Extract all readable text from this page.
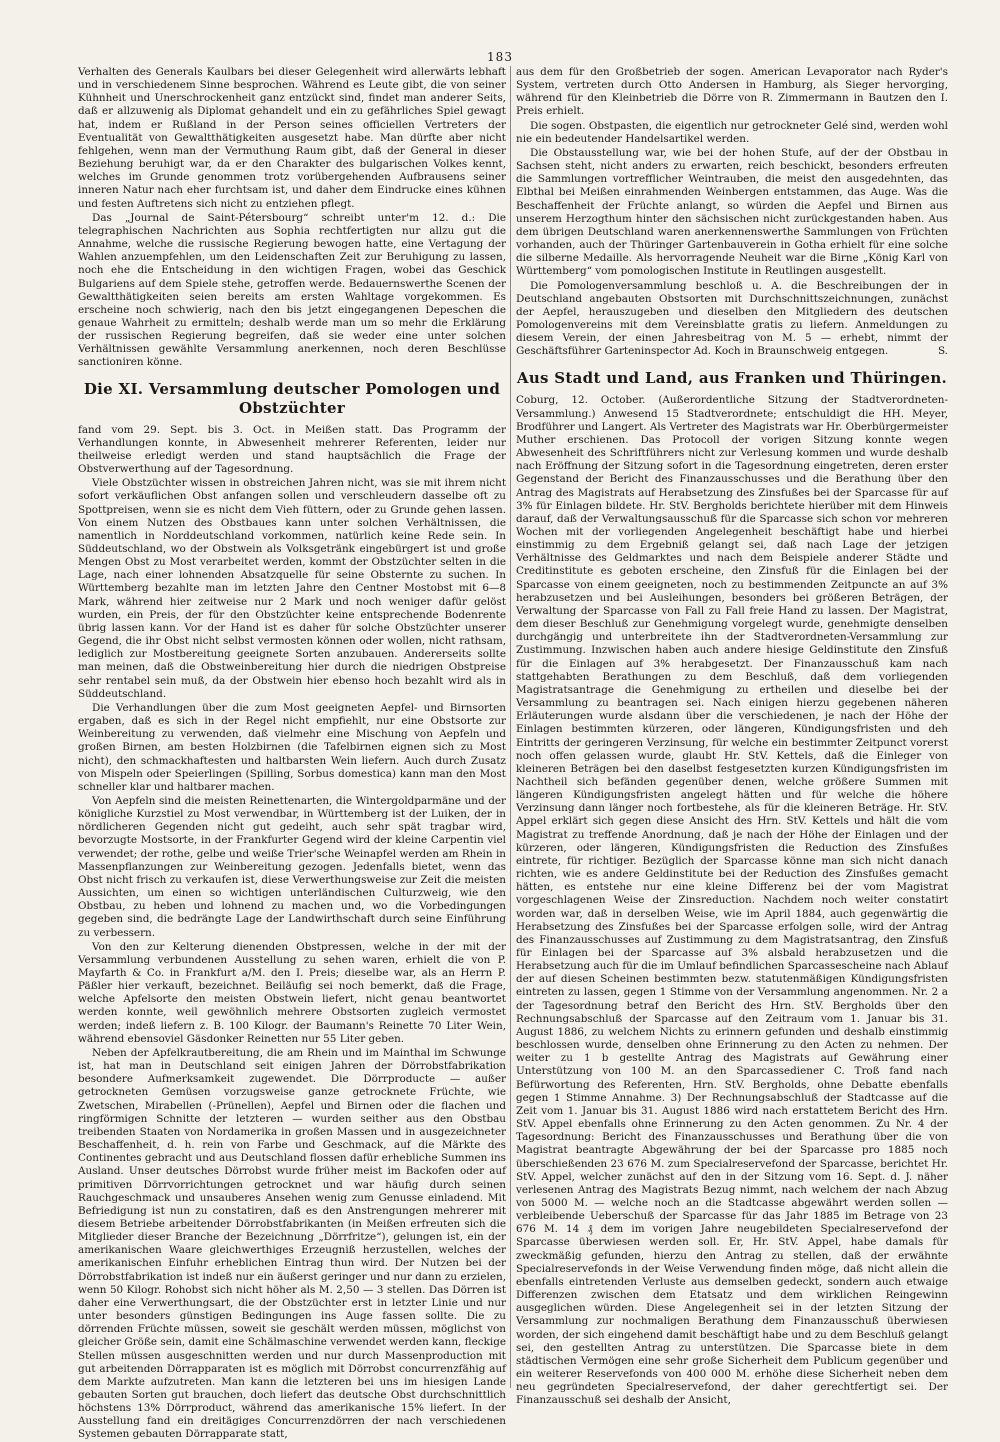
183

Verhalten des Generals Kaulbars bei dieser Gelegenheit wird allerwärts lebhaft und in verschiedenem Sinne besprochen. Während es Leute gibt, die von seiner Kühnheit und Unerschrockenheit ganz entzückt sind, findet man anderer Seits, daß er allzuwenig als Diplomat gehandelt und ein zu gefährliches Spiel gewagt hat, indem er Rußland in der Person seines officiellen Vertreters der Eventualität von Gewaltthätigkeiten ausgesetzt habe. Man dürfte aber nicht fehlgehen, wenn man der Vermuthung Raum gibt, daß der General in dieser Beziehung beruhigt war, da er den Charakter des bulgarischen Volkes kennt, welches im Grunde genommen trotz vorübergehenden Aufbrausens seiner inneren Natur nach eher furchtsam ist, und daher dem Eindrucke eines kühnen und festen Auftretens sich nicht zu entziehen pflegt.

Das „Journal de Saint-Pétersbourg“ schreibt unter'm 12. d.: Die telegraphischen Nachrichten aus Sophia rechtfertigten nur allzu gut die Annahme, welche die russische Regierung bewogen hatte, eine Vertagung der Wahlen anzuempfehlen, um den Leidenschaften Zeit zur Beruhigung zu lassen, noch ehe die Entscheidung in den wichtigen Fragen, wobei das Geschick Bulgariens auf dem Spiele stehe, getroffen werde. Bedauernswerthe Scenen der Gewaltthätigkeiten seien bereits am ersten Wahltage vorgekommen. Es erscheine noch schwierig, nach den bis jetzt eingegangenen Depeschen die genaue Wahrheit zu ermitteln; deshalb werde man um so mehr die Erklärung der russischen Regierung begreifen, daß sie weder eine unter solchen Verhältnissen gewählte Versammlung anerkennen, noch deren Beschlüsse sanctioniren könne.

Die XI. Versammlung deutscher Pomologen und Obstzüchter

fand vom 29. Sept. bis 3. Oct. in Meißen statt. Das Programm der Verhandlungen konnte, in Abwesenheit mehrerer Referenten, leider nur theilweise erledigt werden und stand hauptsächlich die Frage der Obstverwerthung auf der Tagesordnung.

Viele Obstzüchter wissen in obstreichen Jahren nicht, was sie mit ihrem nicht sofort verkäuflichen Obst anfangen sollen und verschleudern dasselbe oft zu Spottpreisen, wenn sie es nicht dem Vieh füttern, oder zu Grunde gehen lassen. Von einem Nutzen des Obstbaues kann unter solchen Verhältnissen, die namentlich in Norddeutschland vorkommen, natürlich keine Rede sein. In Süddeutschland, wo der Obstwein als Volksgetränk eingebürgert ist und große Mengen Obst zu Most verarbeitet werden, kommt der Obstzüchter selten in die Lage, nach einer lohnenden Absatzquelle für seine Obsternte zu suchen. In Württemberg bezahlte man im letzten Jahre den Centner Mostobst mit 6—8 Mark, während hier zeitweise nur 2 Mark und noch weniger dafür gelöst wurden, ein Preis, der für den Obstzüchter keine entsprechende Bodenrente übrig lassen kann. Vor der Hand ist es daher für solche Obstzüchter unserer Gegend, die ihr Obst nicht selbst vermosten können oder wollen, nicht rathsam, lediglich zur Mostbereitung geeignete Sorten anzubauen. Andererseits sollte man meinen, daß die Obstweinbereitung hier durch die niedrigen Obstpreise sehr rentabel sein muß, da der Obstwein hier ebenso hoch bezahlt wird als in Süddeutschland.

Die Verhandlungen über die zum Most geeigneten Aepfel- und Birnsorten ergaben, daß es sich in der Regel nicht empfiehlt, nur eine Obstsorte zur Weinbereitung zu verwenden, daß vielmehr eine Mischung von Aepfeln und großen Birnen, am besten Holzbirnen (die Tafelbirnen eignen sich zu Most nicht), den schmackhaftesten und haltbarsten Wein liefern. Auch durch Zusatz von Mispeln oder Speierlingen (Spilling, Sorbus domestica) kann man den Most schneller klar und haltbarer machen.

Von Aepfeln sind die meisten Reinettenarten, die Wintergoldparmäne und der königliche Kurzstiel zu Most verwendbar, in Württemberg ist der Luiken, der in nördlicheren Gegenden nicht gut gedeiht, auch sehr spät tragbar wird, bevorzugte Mostsorte, in der Frankfurter Gegend wird der kleine Carpentin viel verwendet; der rothe, gelbe und weiße Trier'sche Weinapfel werden am Rhein in Massenpflanzungen zur Weinbereitung gezogen. Jedenfalls bietet, wenn das Obst nicht frisch zu verkaufen ist, diese Verwerthungsweise zur Zeit die meisten Aussichten, um einen so wichtigen unterländischen Culturzweig, wie den Obstbau, zu heben und lohnend zu machen und, wo die Vorbedingungen gegeben sind, die bedrängte Lage der Landwirthschaft durch seine Einführung zu verbessern.

Von den zur Kelterung dienenden Obstpressen, welche in der mit der Versammlung verbundenen Ausstellung zu sehen waren, erhielt die von P. Mayfarth & Co. in Frankfurt a/M. den I. Preis; dieselbe war, als an Herrn P. Päßler hier verkauft, bezeichnet. Beiläufig sei noch bemerkt, daß die Frage, welche Apfelsorte den meisten Obstwein liefert, nicht genau beantwortet werden konnte, weil gewöhnlich mehrere Obstsorten zugleich vermostet werden; indeß liefern z. B. 100 Kilogr. der Baumann's Reinette 70 Liter Wein, während ebensoviel Gäsdonker Reinetten nur 55 Liter geben.

Neben der Apfelkrautbereitung, die am Rhein und im Mainthal im Schwunge ist, hat man in Deutschland seit einigen Jahren der Dörrobstfabrikation besondere Aufmerksamkeit zugewendet. Die Dörrproducte — außer getrockneten Gemüsen vorzugsweise ganze getrocknete Früchte, wie Zwetschen, Mirabellen (-Prünellen), Aepfel und Birnen oder die flachen und ringförmigen Schnitte der letzteren — wurden seither aus den Obstbau treibenden Staaten von Nordamerika in großen Massen und in ausgezeichneter Beschaffenheit, d. h. rein von Farbe und Geschmack, auf die Märkte des Continentes gebracht und aus Deutschland flossen dafür erhebliche Summen ins Ausland. Unser deutsches Dörrobst wurde früher meist im Backofen oder auf primitiven Dörrvorrichtungen getrocknet und war häufig durch seinen Rauchgeschmack und unsauberes Ansehen wenig zum Genusse einladend. Mit Befriedigung ist nun zu constatiren, daß es den Anstrengungen mehrerer mit diesem Betriebe arbeitender Dörrobstfabrikanten (in Meißen erfreuten sich die Mitglieder dieser Branche der Bezeichnung „Dörrfritze“), gelungen ist, ein der amerikanischen Waare gleichwerthiges Erzeugniß herzustellen, welches der amerikanischen Einfuhr erheblichen Eintrag thun wird. Der Nutzen bei der Dörrobstfabrikation ist indeß nur ein äußerst geringer und nur dann zu erzielen, wenn 50 Kilogr. Rohobst sich nicht höher als M. 2,50 — 3 stellen. Das Dörren ist daher eine Verwerthungsart, die der Obstzüchter erst in letzter Linie und nur unter besonders günstigen Bedingungen ins Auge fassen sollte. Die zu dörrenden Früchte müssen, soweit sie geschält werden müssen, möglichst von gleicher Größe sein, damit eine Schälmaschine verwendet werden kann, fleckige Stellen müssen ausgeschnitten werden und nur durch Massenproduction mit gut arbeitenden Dörrapparaten ist es möglich mit Dörrobst concurrenzfähig auf dem Markte aufzutreten. Man kann die letzteren bei uns im hiesigen Lande gebauten Sorten gut brauchen, doch liefert das deutsche Obst durchschnittlich höchstens 13% Dörrproduct, während das amerikanische 15% liefert. In der Ausstellung fand ein dreitägiges Concurrenzdörren der nach verschiedenen Systemen gebauten Dörrapparate statt,

aus dem für den Großbetrieb der sogen. American Levaporator nach Ryder's System, vertreten durch Otto Andersen in Hamburg, als Sieger hervorging, während für den Kleinbetrieb die Dörre von R. Zimmermann in Bautzen den I. Preis erhielt.

Die sogen. Obstpasten, die eigentlich nur getrockneter Gelé sind, werden wohl nie ein bedeutender Handelsartikel werden.

Die Obstausstellung war, wie bei der hohen Stufe, auf der der Obstbau in Sachsen steht, nicht anders zu erwarten, reich beschickt, besonders erfreuten die Sammlungen vortrefflicher Weintrauben, die meist den ausgedehnten, das Elbthal bei Meißen einrahmenden Weinbergen entstammen, das Auge. Was die Beschaffenheit der Früchte anlangt, so würden die Aepfel und Birnen aus unserem Herzogthum hinter den sächsischen nicht zurückgestanden haben. Aus dem übrigen Deutschland waren anerkennenswerthe Sammlungen von Früchten vorhanden, auch der Thüringer Gartenbauverein in Gotha erhielt für eine solche die silberne Medaille. Als hervorragende Neuheit war die Birne „König Karl von Württemberg“ vom pomologischen Institute in Reutlingen ausgestellt.

Die Pomologenversammlung beschloß u. A. die Beschreibungen der in Deutschland angebauten Obstsorten mit Durchschnittszeichnungen, zunächst der Aepfel, herauszugeben und dieselben den Mitgliedern des deutschen Pomologenvereins mit dem Vereinsblatte gratis zu liefern. Anmeldungen zu diesem Verein, der einen Jahresbeitrag von M. 5 — erhebt, nimmt der Geschäftsführer Garteninspector Ad. Koch in Braunschweig entgegen.	S.

Aus Stadt und Land, aus Franken und Thüringen.

Coburg, 12. October. (Außerordentliche Sitzung der Stadtverordneten-Versammlung.) Anwesend 15 Stadtverordnete; entschuldigt die HH. Meyer, Brodführer und Langert. Als Vertreter des Magistrats war Hr. Oberbürgermeister Muther erschienen. Das Protocoll der vorigen Sitzung konnte wegen Abwesenheit des Schriftführers nicht zur Verlesung kommen und wurde deshalb nach Eröffnung der Sitzung sofort in die Tagesordnung eingetreten, deren erster Gegenstand der Bericht des Finanzausschusses und die Berathung über den Antrag des Magistrats auf Herabsetzung des Zinsfußes bei der Sparcasse für auf 3% für Einlagen bildete. Hr. StV. Bergholds berichtete hierüber mit dem Hinweis darauf, daß der Verwaltungsausschuß für die Sparcasse sich schon vor mehreren Wochen mit der vorliegenden Angelegenheit beschäftigt habe und hierbei einstimmig zu dem Ergebniß gelangt sei, daß nach Lage der jetzigen Verhältnisse des Geldmarktes und nach dem Beispiele anderer Städte und Creditinstitute es geboten erscheine, den Zinsfuß für die Einlagen bei der Sparcasse von einem geeigneten, noch zu bestimmenden Zeitpuncte an auf 3% herabzusetzen und bei Ausleihungen, besonders bei größeren Beträgen, der Verwaltung der Sparcasse von Fall zu Fall freie Hand zu lassen. Der Magistrat, dem dieser Beschluß zur Genehmigung vorgelegt wurde, genehmigte denselben durchgängig und unterbreitete ihn der Stadtverordneten-Versammlung zur Zustimmung. Inzwischen haben auch andere hiesige Geldinstitute den Zinsfuß für die Einlagen auf 3% herabgesetzt. Der Finanzausschuß kam nach stattgehabten Berathungen zu dem Beschluß, daß dem vorliegenden Magistratsantrage die Genehmigung zu ertheilen und dieselbe bei der Versammlung zu beantragen sei. Nach einigen hierzu gegebenen näheren Erläuterungen wurde alsdann über die verschiedenen, je nach der Höhe der Einlagen bestimmten kürzeren, oder längeren, Kündigungsfristen und deh Eintritts der geringeren Verzinsung, für welche ein bestimmter Zeitpunct vorerst noch offen gelassen wurde, glaubt Hr. StV. Kettels, daß die Einleger von kleineren Beträgen bei den daselbst festgesetzten kurzen Kündigungsfristen im Nachtheil sich befänden gegenüber denen, welche größere Summen mit längeren Kündigungsfristen angelegt hätten und für welche die höhere Verzinsung dann länger noch fortbestehe, als für die kleineren Beträge. Hr. StV. Appel erklärt sich gegen diese Ansicht des Hrn. StV. Kettels und hält die vom Magistrat zu treffende Anordnung, daß je nach der Höhe der Einlagen und der kürzeren, oder längeren, Kündigungsfristen die Reduction des Zinsfußes eintrete, für richtiger. Bezüglich der Sparcasse könne man sich nicht danach richten, wie es andere Geldinstitute bei der Reduction des Zinsfußes gemacht hätten, es entstehe nur eine kleine Differenz bei der vom Magistrat vorgeschlagenen Weise der Zinsreduction. Nachdem noch weiter constatirt worden war, daß in derselben Weise, wie im April 1884, auch gegenwärtig die Herabsetzung des Zinsfußes bei der Sparcasse erfolgen solle, wird der Antrag des Finanzausschusses auf Zustimmung zu dem Magistratsantrag, den Zinsfuß für Einlagen bei der Sparcasse auf 3% alsbald herabzusetzen und die Herabsetzung auch für die im Umlauf befindlichen Sparcassescheine nach Ablauf der auf diesen Scheinen bestimmten bezw. statutenmäßigen Kündigungsfristen eintreten zu lassen, gegen 1 Stimme von der Versammlung angenommen. Nr. 2 a der Tagesordnung betraf den Bericht des Hrn. StV. Bergholds über den Rechnungsabschluß der Sparcasse auf den Zeitraum vom 1. Januar bis 31. August 1886, zu welchem Nichts zu erinnern gefunden und deshalb einstimmig beschlossen wurde, denselben ohne Erinnerung zu den Acten zu nehmen. Der weiter zu 1 b gestellte Antrag des Magistrats auf Gewährung einer Unterstützung von 100 M. an den Sparcassediener C. Troß fand nach Befürwortung des Referenten, Hrn. StV. Bergholds, ohne Debatte ebenfalls gegen 1 Stimme Annahme. 3) Der Rechnungsabschluß der Stadtcasse auf die Zeit vom 1. Januar bis 31. August 1886 wird nach erstattetem Bericht des Hrn. StV. Appel ebenfalls ohne Erinnerung zu den Acten genommen. Zu Nr. 4 der Tagesordnung: Bericht des Finanzausschusses und Berathung über die von Magistrat beantragte Abgewährung der bei der Sparcasse pro 1885 noch überschießenden 23 676 M. zum Specialreservefond der Sparcasse, berichtet Hr. StV. Appel, welcher zunächst auf den in der Sitzung vom 16. Sept. d. J. näher verlesenen Antrag des Magistrats Bezug nimmt, nach welchem der nach Abzug von 5000 M. — welche noch an die Stadtcasse abgewährt werden sollen — verbleibende Ueberschuß der Sparcasse für das Jahr 1885 im Betrage von 23 676 M. 14 ₰ dem im vorigen Jahre neugebildeten Specialreservefond der Sparcasse überwiesen werden soll. Er, Hr. StV. Appel, habe damals für zweckmäßig gefunden, hierzu den Antrag zu stellen, daß der erwähnte Specialreservefonds in der Weise Verwendung finden möge, daß nicht allein die ebenfalls eintretenden Verluste aus demselben gedeckt, sondern auch etwaige Differenzen zwischen dem Etatsatz und dem wirklichen Reingewinn ausgeglichen würden. Diese Angelegenheit sei in der letzten Sitzung der Versammlung zur nochmaligen Berathung dem Finanzausschuß überwiesen worden, der sich eingehend damit beschäftigt habe und zu dem Beschluß gelangt sei, den gestellten Antrag zu unterstützen. Die Sparcasse biete in dem städtischen Vermögen eine sehr große Sicherheit dem Publicum gegenüber und ein weiterer Reservefonds von 400 000 M. erhöhe diese Sicherheit neben dem neu gegründeten Specialreservefond, der daher gerechtfertigt sei. Der Finanzausschuß sei deshalb der Ansicht,
